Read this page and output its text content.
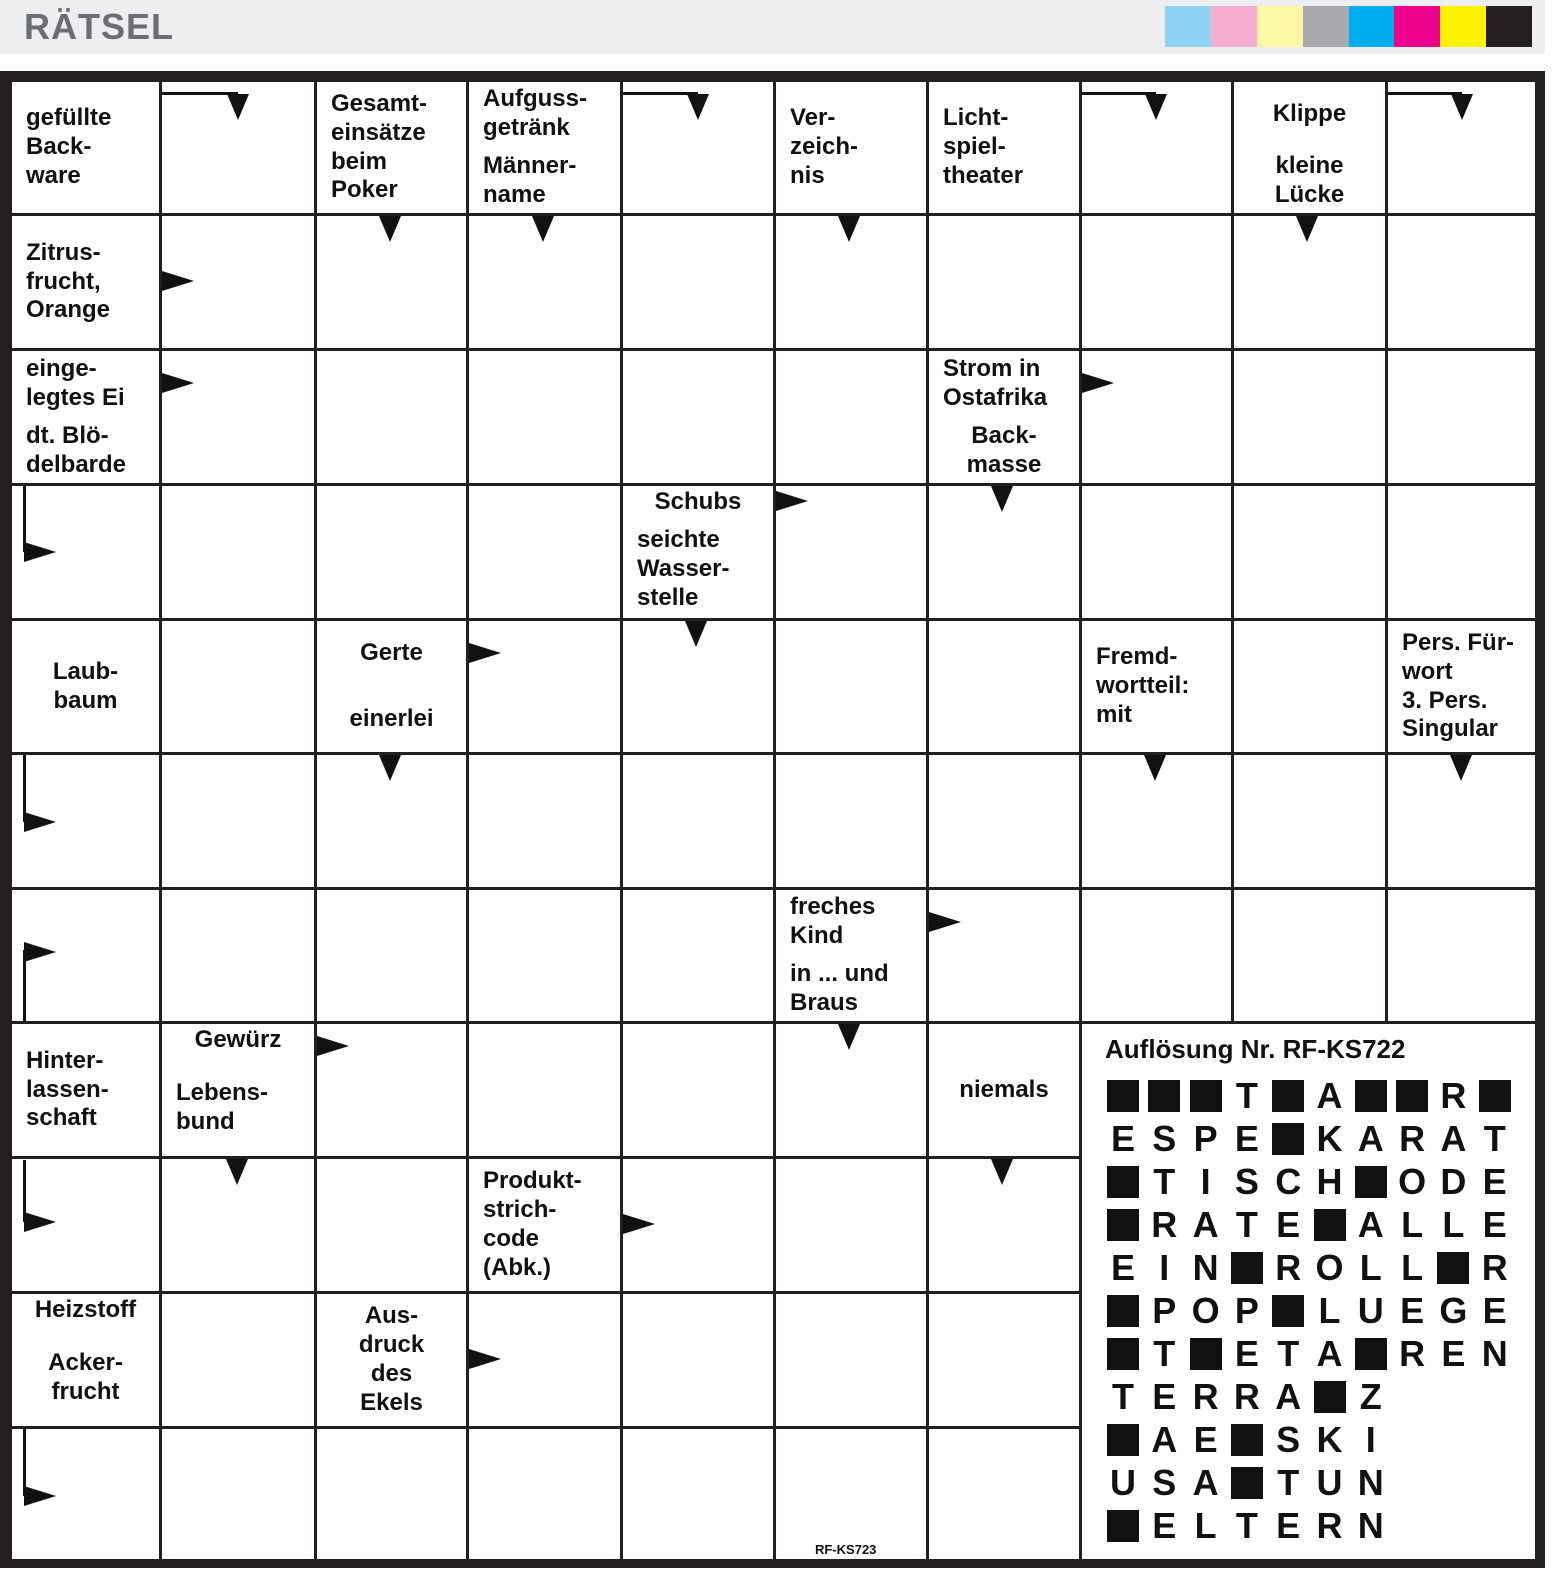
RÄTSEL
Auflösung Nr. RF-KS722
T A	R
E S P E K A R A T
T I S C H O D E
R A T E A L L E
E I N R O L L R
P O P L U E G E
T E T A R E N
T E R R A Z
A E S K I
U S A T U N
E L T E R N
RF-KS723
gefüllte
Back-
ware
Gesamt-
einsätze
beim
Poker
Aufguss-
getränk
Männer-
name
Ver-
zeich-
nis
Licht-
spiel-
theater
Klippe
kleine
Lücke
Zitrus-
frucht,
Orange
einge-
legtes Ei
dt. Blö-
delbarde
Strom in
Ostafrika
Back-
masse
Schubs
seichte
Wasser-
stelle
Laub-
baum
Gerte
einerlei
Fremd-
wortteil:
mit
Pers. Für-
wort
3. Pers.
Singular
freches
Kind
in ... und
Braus
Hinter-
lassen-
schaft
Gewürz
Lebens-
bund
niemals
Produkt-
strich-
code
(Abk.)
Heizstoff
Acker-
frucht
Aus-
druck
des
Ekels
